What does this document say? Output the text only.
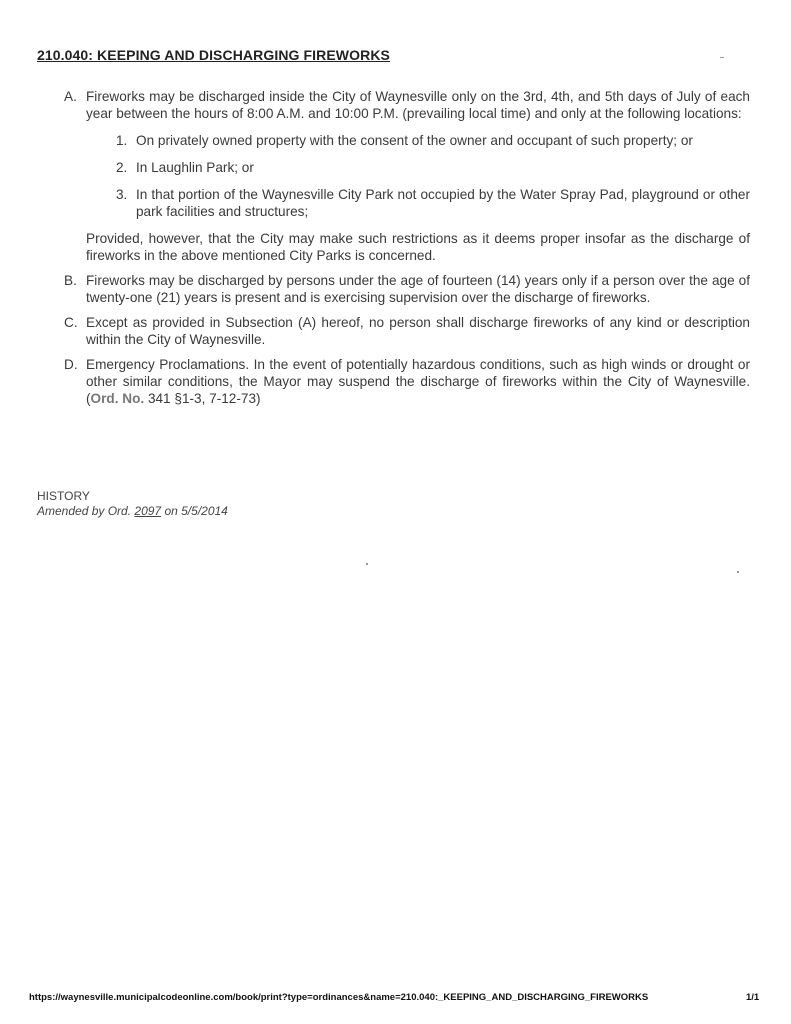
210.040: KEEPING AND DISCHARGING FIREWORKS
A. Fireworks may be discharged inside the City of Waynesville only on the 3rd, 4th, and 5th days of July of each year between the hours of 8:00 A.M. and 10:00 P.M. (prevailing local time) and only at the following locations:
1. On privately owned property with the consent of the owner and occupant of such property; or
2. In Laughlin Park; or
3. In that portion of the Waynesville City Park not occupied by the Water Spray Pad, playground or other park facilities and structures;
Provided, however, that the City may make such restrictions as it deems proper insofar as the discharge of fireworks in the above mentioned City Parks is concerned.
B. Fireworks may be discharged by persons under the age of fourteen (14) years only if a person over the age of twenty-one (21) years is present and is exercising supervision over the discharge of fireworks.
C. Except as provided in Subsection (A) hereof, no person shall discharge fireworks of any kind or description within the City of Waynesville.
D. Emergency Proclamations. In the event of potentially hazardous conditions, such as high winds or drought or other similar conditions, the Mayor may suspend the discharge of fireworks within the City of Waynesville. (Ord. No. 341 §1-3, 7-12-73)
HISTORY
Amended by Ord. 2097 on 5/5/2014
https://waynesville.municipalcodeonline.com/book/print?type=ordinances&name=210.040:_KEEPING_AND_DISCHARGING_FIREWORKS	1/1
